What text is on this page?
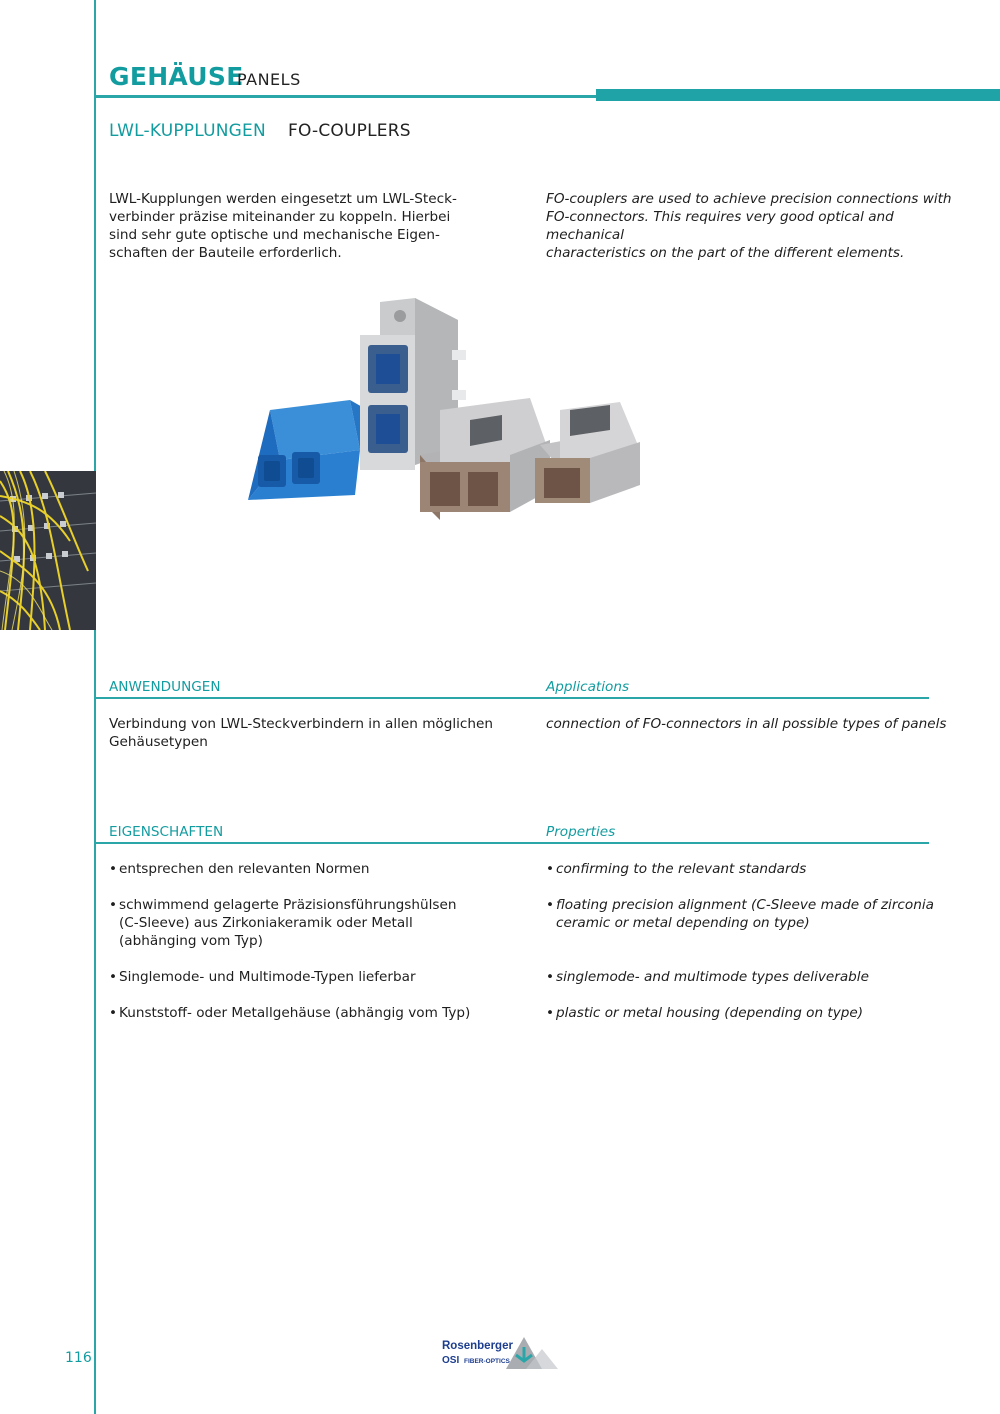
GEHÄUSE
PANELS
LWL-KUPPLUNGEN FO-COUPLERS
LWL-Kupplungen werden eingesetzt um LWL-Steck-
verbinder präzise miteinander zu koppeln. Hierbei
sind sehr gute optische und mechanische Eigen-
schaften der Bauteile erforderlich.
FO-couplers are used to achieve precision connections with
FO-connectors. This requires very good optical and mechanical
characteristics on the part of the different elements.
ANWENDUNGEN	Applications
Verbindung von LWL-Steckverbindern in allen möglichen
Gehäusetypen
connection of FO-connectors in all possible types of panels
EIGENSCHAFTEN	Properties
• entsprechen den relevanten Normen
• schwimmend gelagerte Präzisionsführungshülsen
(C-Sleeve) aus Zirkoniakeramik oder Metall
(abhänging vom Typ)
• Singlemode- und Multimode-Typen lieferbar
• Kunststoff- oder Metallgehäuse (abhängig vom Typ)
• confirming to the relevant standards
• floating precision alignment (C-Sleeve made of zirconia
ceramic or metal depending on type)
• singlemode- and multimode types deliverable
• plastic or metal housing (depending on type)
116
Rosenberger
OSI FIBER-OPTICS
